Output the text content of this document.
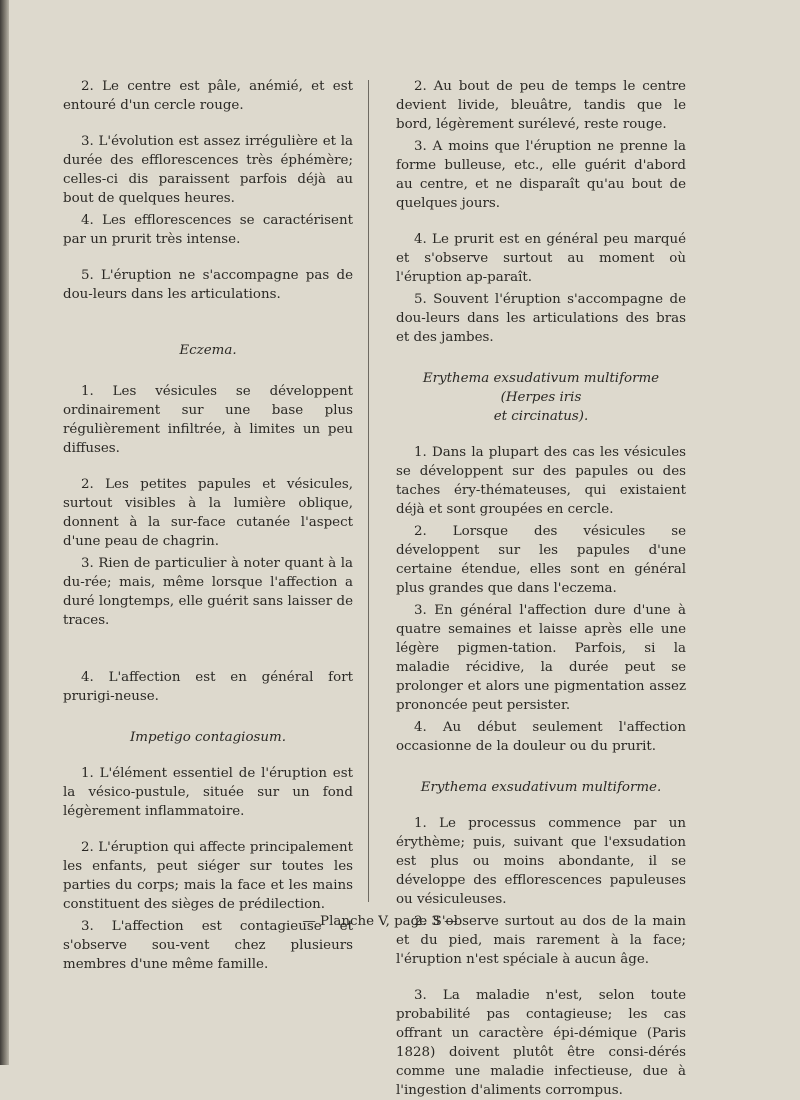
2. Le centre est pâle, anémié, et est entouré d'un cercle rouge.

3. L'évolution est assez irrégulière et la durée des efflorescences très éphémère; celles-ci dis paraissent parfois déjà au bout de quelques heures.

4. Les efflorescences se caractérisent par un prurit très intense.

5. L'éruption ne s'accompagne pas de dou-leurs dans les articulations.

Eczema.

1. Les vésicules se développent ordinairement sur une base plus régulièrement infiltrée, à limites un peu diffuses.

2. Les petites papules et vésicules, surtout visibles à la lumière oblique, donnent à la sur-face cutanée l'aspect d'une peau de chagrin.

3. Rien de particulier à noter quant à la du-rée; mais, même lorsque l'affection a duré longtemps, elle guérit sans laisser de traces.

4. L'affection est en général fort prurigi-neuse.

Impetigo contagiosum.

1. L'élément essentiel de l'éruption est la vésico-pustule, située sur un fond légèrement inflammatoire.

2. L'éruption qui affecte principalement les enfants, peut siéger sur toutes les parties du corps; mais la face et les mains constituent des sièges de prédilection.

3. L'affection est contagieuse et s'observe sou-vent chez plusieurs membres d'une même famille.

2. Au bout de peu de temps le centre devient livide, bleuâtre, tandis que le bord, légèrement surélevé, reste rouge.

3. A moins que l'éruption ne prenne la forme bulleuse, etc., elle guérit d'abord au centre, et ne disparaît qu'au bout de quelques jours.

4. Le prurit est en général peu marqué et s'observe surtout au moment où l'éruption ap-paraît.

5. Souvent l'éruption s'accompagne de dou-leurs dans les articulations des bras et des jambes.

Erythema exsudativum multiforme (Herpes iris

et circinatus).

1. Dans la plupart des cas les vésicules se développent sur des papules ou des taches éry-thémateuses, qui existaient déjà et sont groupées en cercle.

2. Lorsque des vésicules se développent sur les papules d'une certaine étendue, elles sont en général plus grandes que dans l'eczema.

3. En général l'affection dure d'une à quatre semaines et laisse après elle une légère pigmen-tation. Parfois, si la maladie récidive, la durée peut se prolonger et alors une pigmentation assez prononcée peut persister.

4. Au début seulement l'affection occasionne de la douleur ou du prurit.

Erythema exsudativum multiforme.

1. Le processus commence par un érythème; puis, suivant que l'exsudation est plus ou moins abondante, il se développe des efflorescences papuleuses ou vésiculeuses.

2. S'observe surtout au dos de la main et du pied, mais rarement à la face; l'éruption n'est spéciale à aucun âge.

3. La maladie n'est, selon toute probabilité pas contagieuse; les cas offrant un caractère épi-démique (Paris 1828) doivent plutôt être consi-dérés comme une maladie infectieuse, due à l'ingestion d'aliments corrompus.

— Planche V, page 3 —
